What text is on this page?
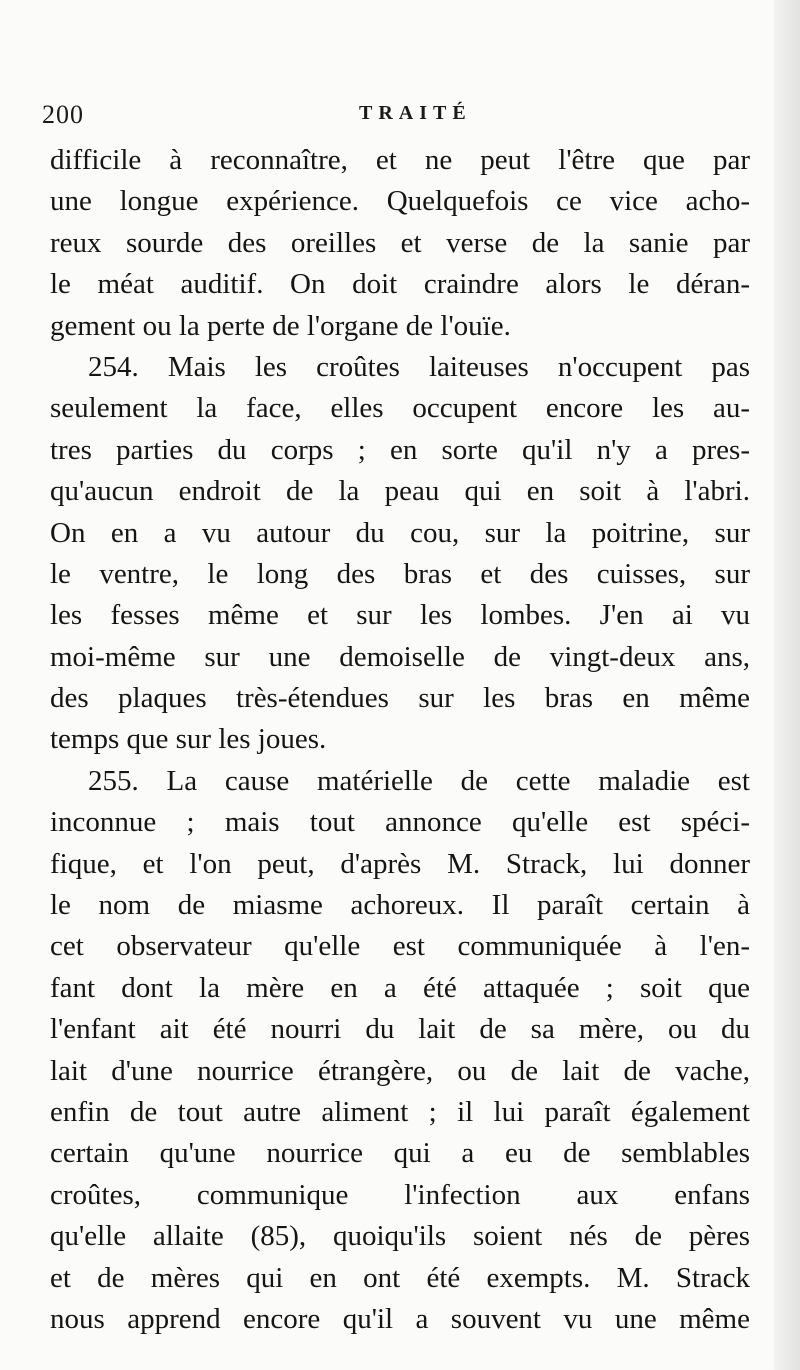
200	TRAITÉ
difficile à reconnaître, et ne peut l'être que par
une longue expérience. Quelquefois ce vice acho-
reux sourde des oreilles et verse de la sanie par
le méat auditif. On doit craindre alors le déran-
gement ou la perte de l'organe de l'ouïe.
254. Mais les croûtes laiteuses n'occupent pas
seulement la face, elles occupent encore les au-
tres parties du corps ; en sorte qu'il n'y a pres-
qu'aucun endroit de la peau qui en soit à l'abri.
On en a vu autour du cou, sur la poitrine, sur
le ventre, le long des bras et des cuisses, sur
les fesses même et sur les lombes. J'en ai vu
moi-même sur une demoiselle de vingt-deux ans,
des plaques très-étendues sur les bras en même
temps que sur les joues.
255. La cause matérielle de cette maladie est
inconnue ; mais tout annonce qu'elle est spéci-
fique, et l'on peut, d'après M. Strack, lui donner
le nom de miasme achoreux. Il paraît certain à
cet observateur qu'elle est communiquée à l'en-
fant dont la mère en a été attaquée ; soit que
l'enfant ait été nourri du lait de sa mère, ou du
lait d'une nourrice étrangère, ou de lait de vache,
enfin de tout autre aliment ; il lui paraît également
certain qu'une nourrice qui a eu de semblables
croûtes, communique l'infection aux enfans
qu'elle allaite (85), quoiqu'ils soient nés de pères
et de mères qui en ont été exempts. M. Strack
nous apprend encore qu'il a souvent vu une même
